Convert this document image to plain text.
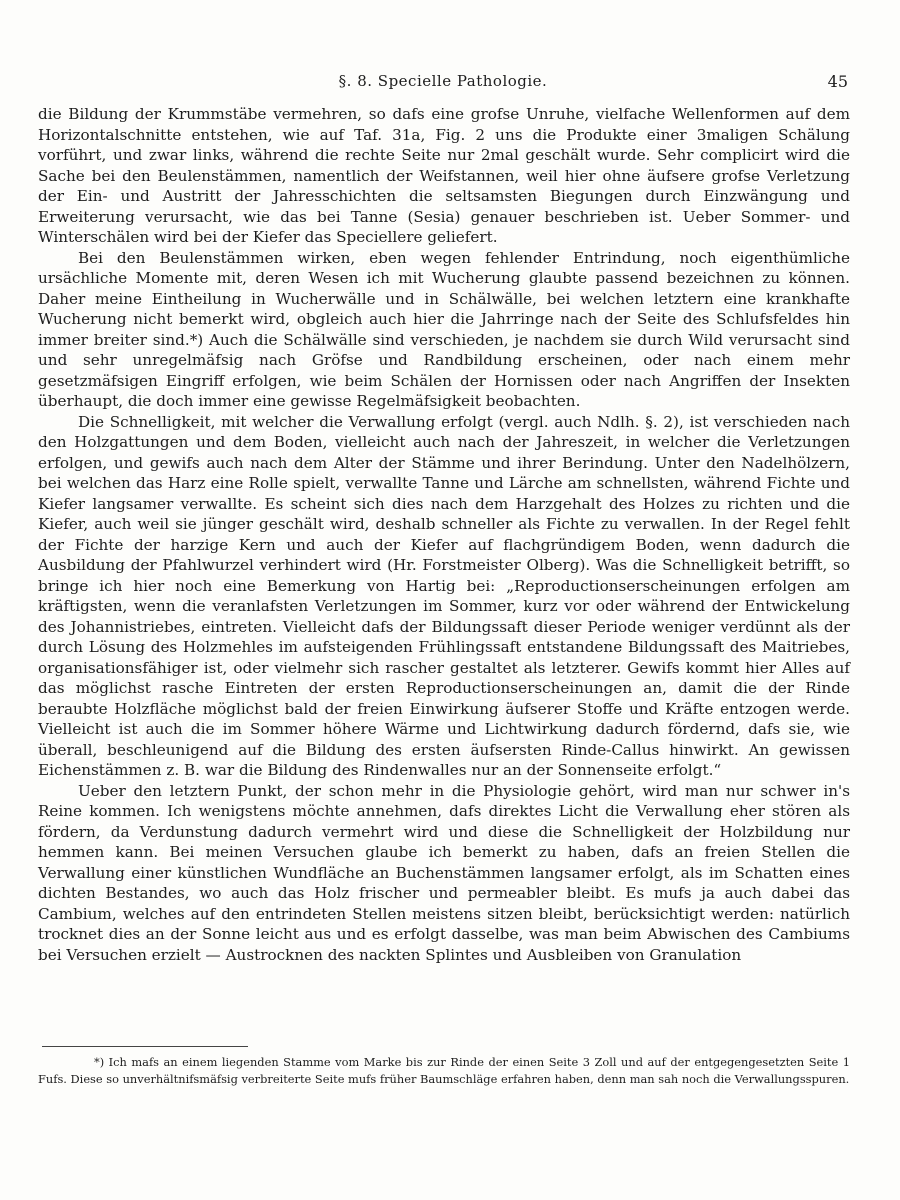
§. 8. Specielle Pathologie.	45

die Bildung der Krummstäbe vermehren, so dafs eine grofse Unruhe, vielfache Wellenformen auf dem Horizontalschnitte entstehen, wie auf Taf. 31a, Fig. 2 uns die Produkte einer 3maligen Schälung vorführt, und zwar links, während die rechte Seite nur 2mal geschält wurde. Sehr complicirt wird die Sache bei den Beulenstämmen, namentlich der Weifstannen, weil hier ohne äufsere grofse Verletzung der Ein- und Austritt der Jahresschichten die seltsamsten Biegungen durch Einzwängung und Erweiterung verursacht, wie das bei Tanne (Sesia) genauer beschrieben ist. Ueber Sommer- und Winterschälen wird bei der Kiefer das Speciellere geliefert.

Bei den Beulenstämmen wirken, eben wegen fehlender Entrindung, noch eigenthümliche ursächliche Momente mit, deren Wesen ich mit Wucherung glaubte passend bezeichnen zu können. Daher meine Eintheilung in Wucherwälle und in Schälwälle, bei welchen letztern eine krankhafte Wucherung nicht bemerkt wird, obgleich auch hier die Jahrringe nach der Seite des Schlufsfeldes hin immer breiter sind.*) Auch die Schälwälle sind verschieden, je nachdem sie durch Wild verursacht sind und sehr unregelmäfsig nach Gröfse und Randbildung erscheinen, oder nach einem mehr gesetzmäfsigen Eingriff erfolgen, wie beim Schälen der Hornissen oder nach Angriffen der Insekten überhaupt, die doch immer eine gewisse Regelmäfsigkeit beobachten.

Die Schnelligkeit, mit welcher die Verwallung erfolgt (vergl. auch Ndlh. §. 2), ist verschieden nach den Holzgattungen und dem Boden, vielleicht auch nach der Jahreszeit, in welcher die Verletzungen erfolgen, und gewifs auch nach dem Alter der Stämme und ihrer Berindung. Unter den Nadelhölzern, bei welchen das Harz eine Rolle spielt, verwallte Tanne und Lärche am schnellsten, während Fichte und Kiefer langsamer verwallte. Es scheint sich dies nach dem Harzgehalt des Holzes zu richten und die Kiefer, auch weil sie jünger geschält wird, deshalb schneller als Fichte zu verwallen. In der Regel fehlt der Fichte der harzige Kern und auch der Kiefer auf flachgründigem Boden, wenn dadurch die Ausbildung der Pfahlwurzel verhindert wird (Hr. Forstmeister Olberg). Was die Schnelligkeit betrifft, so bringe ich hier noch eine Bemerkung von Hartig bei: „Reproductionserscheinungen erfolgen am kräftigsten, wenn die veranlafsten Verletzungen im Sommer, kurz vor oder während der Entwickelung des Johannistriebes, eintreten. Vielleicht dafs der Bildungssaft dieser Periode weniger verdünnt als der durch Lösung des Holzmehles im aufsteigenden Frühlingssaft entstandene Bildungssaft des Maitriebes, organisationsfähiger ist, oder vielmehr sich rascher gestaltet als letzterer. Gewifs kommt hier Alles auf das möglichst rasche Eintreten der ersten Reproductionserscheinungen an, damit die der Rinde beraubte Holzfläche möglichst bald der freien Einwirkung äufserer Stoffe und Kräfte entzogen werde. Vielleicht ist auch die im Sommer höhere Wärme und Lichtwirkung dadurch fördernd, dafs sie, wie überall, beschleunigend auf die Bildung des ersten äufsersten Rinde-Callus hinwirkt. An gewissen Eichenstämmen z. B. war die Bildung des Rindenwalles nur an der Sonnenseite erfolgt.“

Ueber den letztern Punkt, der schon mehr in die Physiologie gehört, wird man nur schwer in's Reine kommen. Ich wenigstens möchte annehmen, dafs direktes Licht die Verwallung eher stören als fördern, da Verdunstung dadurch vermehrt wird und diese die Schnelligkeit der Holzbildung nur hemmen kann. Bei meinen Versuchen glaube ich bemerkt zu haben, dafs an freien Stellen die Verwallung einer künstlichen Wundfläche an Buchenstämmen langsamer erfolgt, als im Schatten eines dichten Bestandes, wo auch das Holz frischer und permeabler bleibt. Es mufs ja auch dabei das Cambium, welches auf den entrindeten Stellen meistens sitzen bleibt, berücksichtigt werden: natürlich trocknet dies an der Sonne leicht aus und es erfolgt dasselbe, was man beim Abwischen des Cambiums bei Versuchen erzielt — Austrocknen des nackten Splintes und Ausbleiben von Granulation

*) Ich mafs an einem liegenden Stamme vom Marke bis zur Rinde der einen Seite 3 Zoll und auf der entgegengesetzten Seite 1 Fufs. Diese so unverhältnifsmäfsig verbreiterte Seite mufs früher Baumschläge erfahren haben, denn man sah noch die Verwallungsspuren.
